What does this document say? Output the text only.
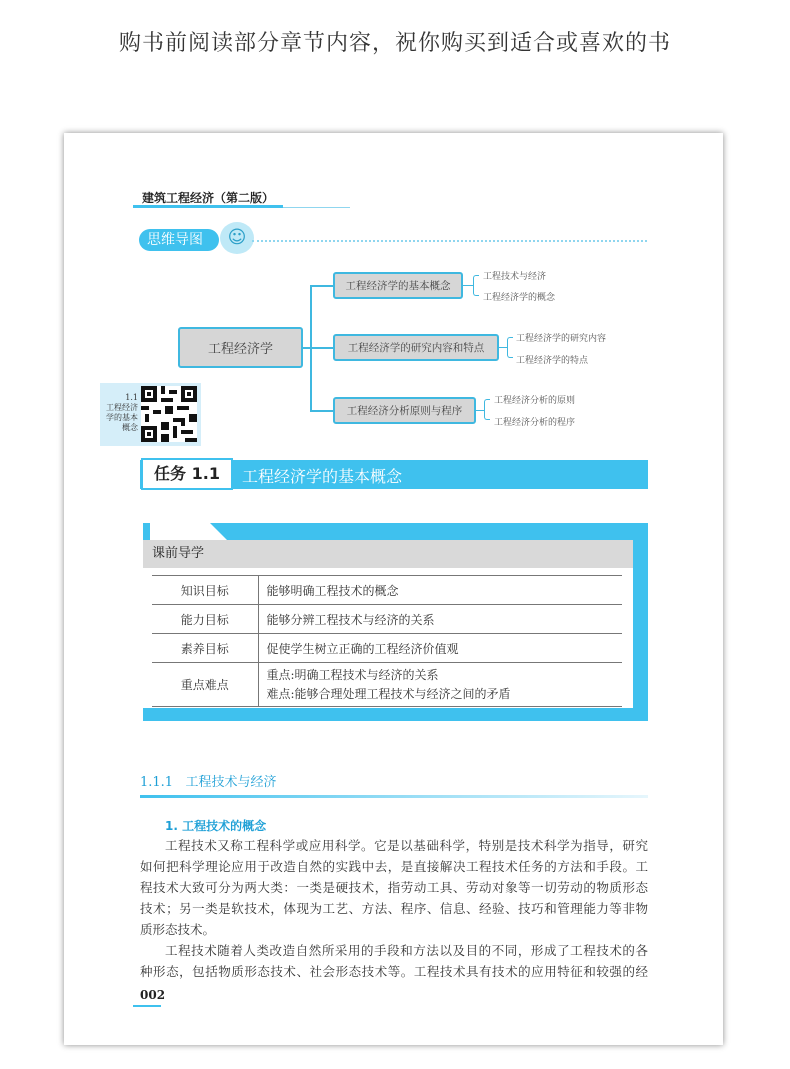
购书前阅读部分章节内容，祝你购买到适合或喜欢的书
建筑工程经济（第二版）
思维导图	☺
工程经济学
工程经济学的基本概念
工程经济学的研究内容和特点
工程经济分析原则与程序
工程技术与经济
工程经济学的概念
工程经济学的研究内容
工程经济学的特点
工程经济分析的原则
工程经济分析的程序
1.1
工程经济
学的基本
概念
任务 1.1	工程经济学的基本概念
课前导学
知识目标	能够明确工程技术的概念
能力目标	能够分辨工程技术与经济的关系
素养目标	促使学生树立正确的工程经济价值观
重点难点	重点:明确工程技术与经济的关系
难点:能够合理处理工程技术与经济之间的矛盾
1.1.1 工程技术与经济
1. 工程技术的概念
工程技术又称工程科学或应用科学。它是以基础科学，特别是技术科学为指导，研究
如何把科学理论应用于改造自然的实践中去，是直接解决工程技术任务的方法和手段。工
程技术大致可分为两大类：一类是硬技术，指劳动工具、劳动对象等一切劳动的物质形态
技术；另一类是软技术，体现为工艺、方法、程序、信息、经验、技巧和管理能力等非物
质形态技术。
工程技术随着人类改造自然所采用的手段和方法以及目的不同，形成了工程技术的各
种形态，包括物质形态技术、社会形态技术等。工程技术具有技术的应用特征和较强的经
002
